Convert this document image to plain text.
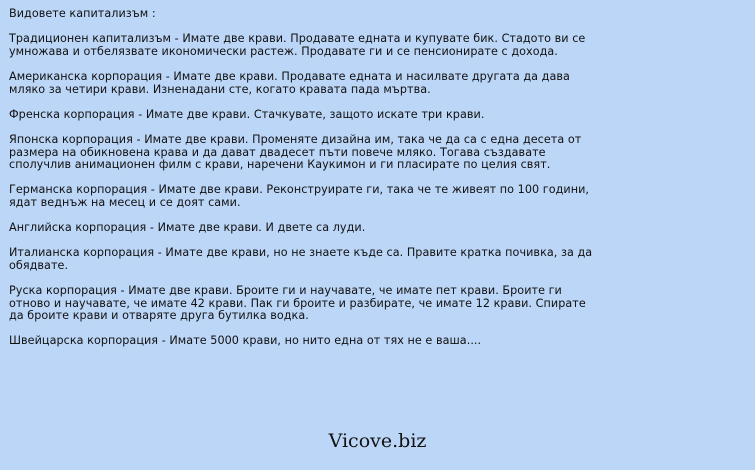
Видовете капитализъм :

Традиционен капитализъм - Имате две крави. Продавате едната и купувате бик. Стадото ви се умножава и отбелязвате икономически растеж. Продавате ги и се пенсионирате с дохода.

Американска корпорация - Имате две крави. Продавате едната и насилвате другата да дава мляко за четири крави. Изненадани сте, когато кравата пада мъртва.

Френска корпорация - Имате две крави. Стачкувате, защото искате три крави.

Японска корпорация - Имате две крави. Променяте дизайна им, така че да са с една десета от размера на обикновена крава и да дават двадесет пъти повече мляко. Тогава създавате сполучлив анимационен филм с крави, наречени Каукимон и ги пласирате по целия свят.

Германска корпорация - Имате две крави. Реконструирате ги, така че те живеят по 100 години, ядат веднъж на месец и се доят сами.

Английска корпорация - Имате две крави. И двете са луди.

Италианска корпорация - Имате две крави, но не знаете къде са. Правите кратка почивка, за да обядвате.

Руска корпорация - Имате две крави. Броите ги и научавате, че имате пет крави. Броите ги отново и научавате, че имате 42 крави. Пак ги броите и разбирате, че имате 12 крави. Спирате да броите крави и отваряте друга бутилка водка.

Швейцарска корпорация - Имате 5000 крави, но нито една от тях не е ваша....

Vicove.biz
